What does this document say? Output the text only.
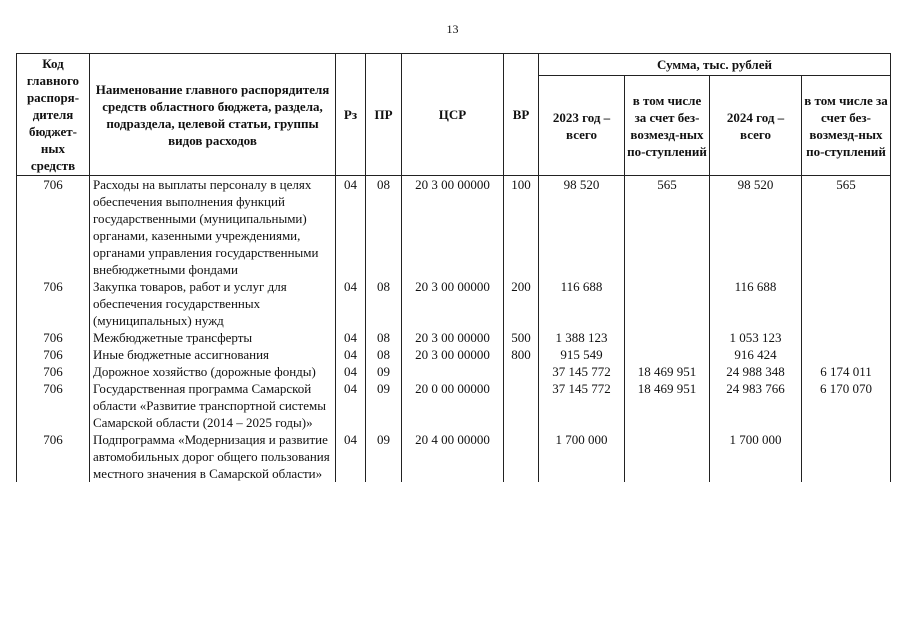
13
Код главного распоря-дителя бюджет-ных средств	Наименование главного распорядителя средств областного бюджета, раздела, подраздела, целевой статьи, группы видов расходов	Рз	ПР	ЦСР	ВР	Сумма, тыс. рублей			
						2023 год – всего	в том числе за счет без-возмезд-ных по-ступлений	2024 год – всего	в том числе за счет без-возмезд-ных по-ступлений
706	Расходы на выплаты персоналу в целях обеспечения выполнения функций государственными (муниципальными) органами, казенными учреждениями, органами управления государственными внебюджетными фондами	04	08	20 3 00 00000	100	98 520	565	98 520	565
706	Закупка товаров, работ и услуг для обеспечения государственных (муниципальных) нужд	04	08	20 3 00 00000	200	116 688		116 688	
706	Межбюджетные трансферты	04	08	20 3 00 00000	500	1 388 123		1 053 123	
706	Иные бюджетные ассигнования	04	08	20 3 00 00000	800	915 549		916 424	
706	Дорожное хозяйство (дорожные фонды)	04	09			37 145 772	18 469 951	24 988 348	6 174 011
706	Государственная программа Самарской области «Развитие транспортной системы Самарской области (2014 – 2025 годы)»	04	09	20 0 00 00000		37 145 772	18 469 951	24 983 766	6 170 070
706	Подпрограмма «Модернизация и развитие автомобильных дорог общего пользования местного значения в Самарской области»	04	09	20 4 00 00000		1 700 000		1 700 000	
